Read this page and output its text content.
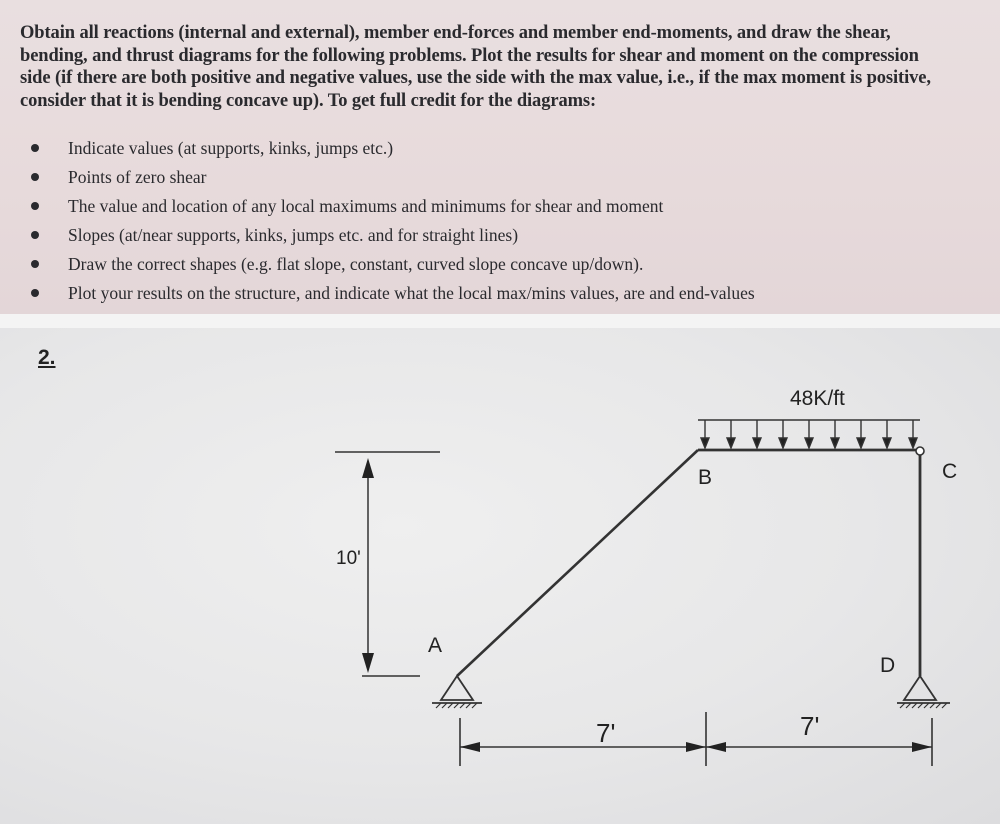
Obtain all reactions (internal and external), member end-forces and member end-moments, and draw the shear, bending, and thrust diagrams for the following problems. Plot the results for shear and moment on the compression side (if there are both positive and negative values, use the side with the max value, i.e., if the max moment is positive, consider that it is bending concave up). To get full credit for the diagrams:
Indicate values (at supports, kinks, jumps etc.)
Points of zero shear
The value and location of any local maximums and minimums for shear and moment
Slopes (at/near supports, kinks, jumps etc. and for straight lines)
Draw the correct shapes (e.g. flat slope, constant, curved slope concave up/down).
Plot your results on the structure, and indicate what the local max/mins values, are and end-values
2.
10'
48K/ft
A
B	C
D
7'	7'
